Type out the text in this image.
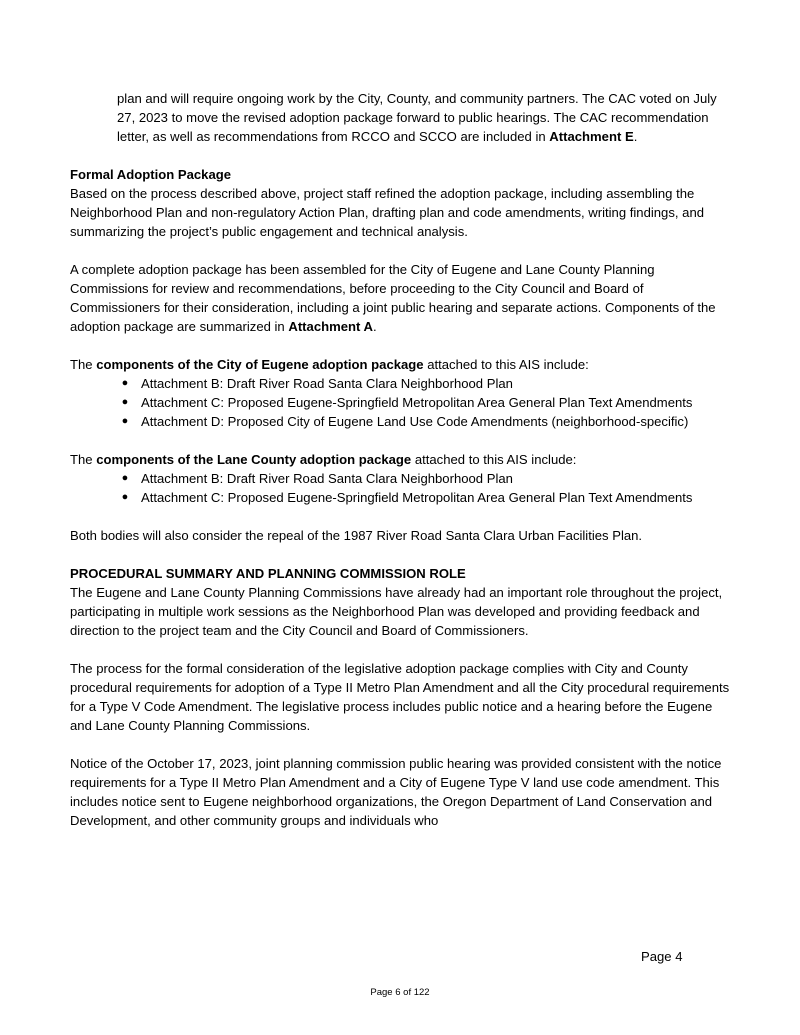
plan and will require ongoing work by the City, County, and community partners. The CAC voted on July 27, 2023 to move the revised adoption package forward to public hearings. The CAC recommendation letter, as well as recommendations from RCCO and SCCO are included in Attachment E.

Formal Adoption Package

Based on the process described above, project staff refined the adoption package, including assembling the Neighborhood Plan and non-regulatory Action Plan, drafting plan and code amendments, writing findings, and summarizing the project’s public engagement and technical analysis.

A complete adoption package has been assembled for the City of Eugene and Lane County Planning Commissions for review and recommendations, before proceeding to the City Council and Board of Commissioners for their consideration, including a joint public hearing and separate actions. Components of the adoption package are summarized in Attachment A.

The components of the City of Eugene adoption package attached to this AIS include:

● Attachment B: Draft River Road Santa Clara Neighborhood Plan
● Attachment C: Proposed Eugene-Springfield Metropolitan Area General Plan Text Amendments
● Attachment D: Proposed City of Eugene Land Use Code Amendments (neighborhood-specific)

The components of the Lane County adoption package attached to this AIS include:

● Attachment B: Draft River Road Santa Clara Neighborhood Plan
● Attachment C: Proposed Eugene-Springfield Metropolitan Area General Plan Text Amendments

Both bodies will also consider the repeal of the 1987 River Road Santa Clara Urban Facilities Plan.

PROCEDURAL SUMMARY AND PLANNING COMMISSION ROLE

The Eugene and Lane County Planning Commissions have already had an important role throughout the project, participating in multiple work sessions as the Neighborhood Plan was developed and providing feedback and direction to the project team and the City Council and Board of Commissioners.

The process for the formal consideration of the legislative adoption package complies with City and County procedural requirements for adoption of a Type II Metro Plan Amendment and all the City procedural requirements for a Type V Code Amendment. The legislative process includes public notice and a hearing before the Eugene and Lane County Planning Commissions.

Notice of the October 17, 2023, joint planning commission public hearing was provided consistent with the notice requirements for a Type II Metro Plan Amendment and a City of Eugene Type V land use code amendment. This includes notice sent to Eugene neighborhood organizations, the Oregon Department of Land Conservation and Development, and other community groups and individuals who

Page 4
Page 6 of 122
